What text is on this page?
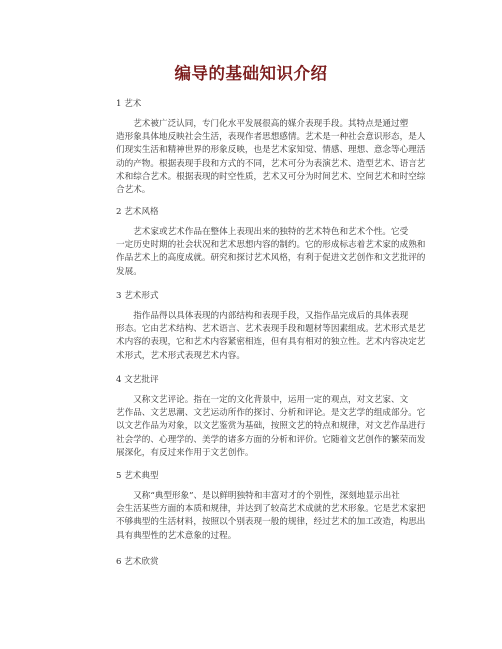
编导的基础知识介绍
1 艺术
艺术被广泛认同，专门化水平发展很高的媒介表现手段。其特点是通过塑
造形象具体地反映社会生活，表现作者思想感情。艺术是一种社会意识形态，是人
们现实生活和精神世界的形象反映，也是艺术家知觉、情感、理想、意念等心理活
动的产物。根据表现手段和方式的不同，艺术可分为表演艺术、造型艺术、语言艺
术和综合艺术。根据表现的时空性质，艺术又可分为时间艺术、空间艺术和时空综
合艺术。
2 艺术风格
艺术家或艺术作品在整体上表现出来的独特的艺术特色和艺术个性。它受
一定历史时期的社会状况和艺术思想内容的制约。它的形成标志着艺术家的成熟和
作品艺术上的高度成就。研究和探讨艺术风格，有利于促进文艺创作和文艺批评的
发展。
3 艺术形式
指作品得以具体表现的内部结构和表现手段，又指作品完成后的具体表现
形态。它由艺术结构、艺术语言、艺术表现手段和题材等因素组成。艺术形式是艺
术内容的表现，它和艺术内容紧密相连，但有具有相对的独立性。艺术内容决定艺
术形式，艺术形式表现艺术内容。
4 文艺批评
又称文艺评论。指在一定的文化背景中，运用一定的观点，对文艺家、文
艺作品、文艺思潮、文艺运动所作的探讨、分析和评论。是文艺学的组成部分。它
以文艺作品为对象，以文艺鉴赏为基础，按照文艺的特点和规律，对文艺作品进行
社会学的、心理学的、美学的诸多方面的分析和评价。它随着文艺创作的繁荣而发
展深化，有反过来作用于文艺创作。
5 艺术典型
又称“典型形象”、是以鲜明独特和丰富对才的个别性，深刻地显示出社
会生活某些方面的本质和规律，并达到了较高艺术成就的艺术形象。它是艺术家把
不够典型的生活材料，按照以个别表现一般的规律，经过艺术的加工改造，构思出
具有典型性的艺术意象的过程。
6 艺术欣赏
